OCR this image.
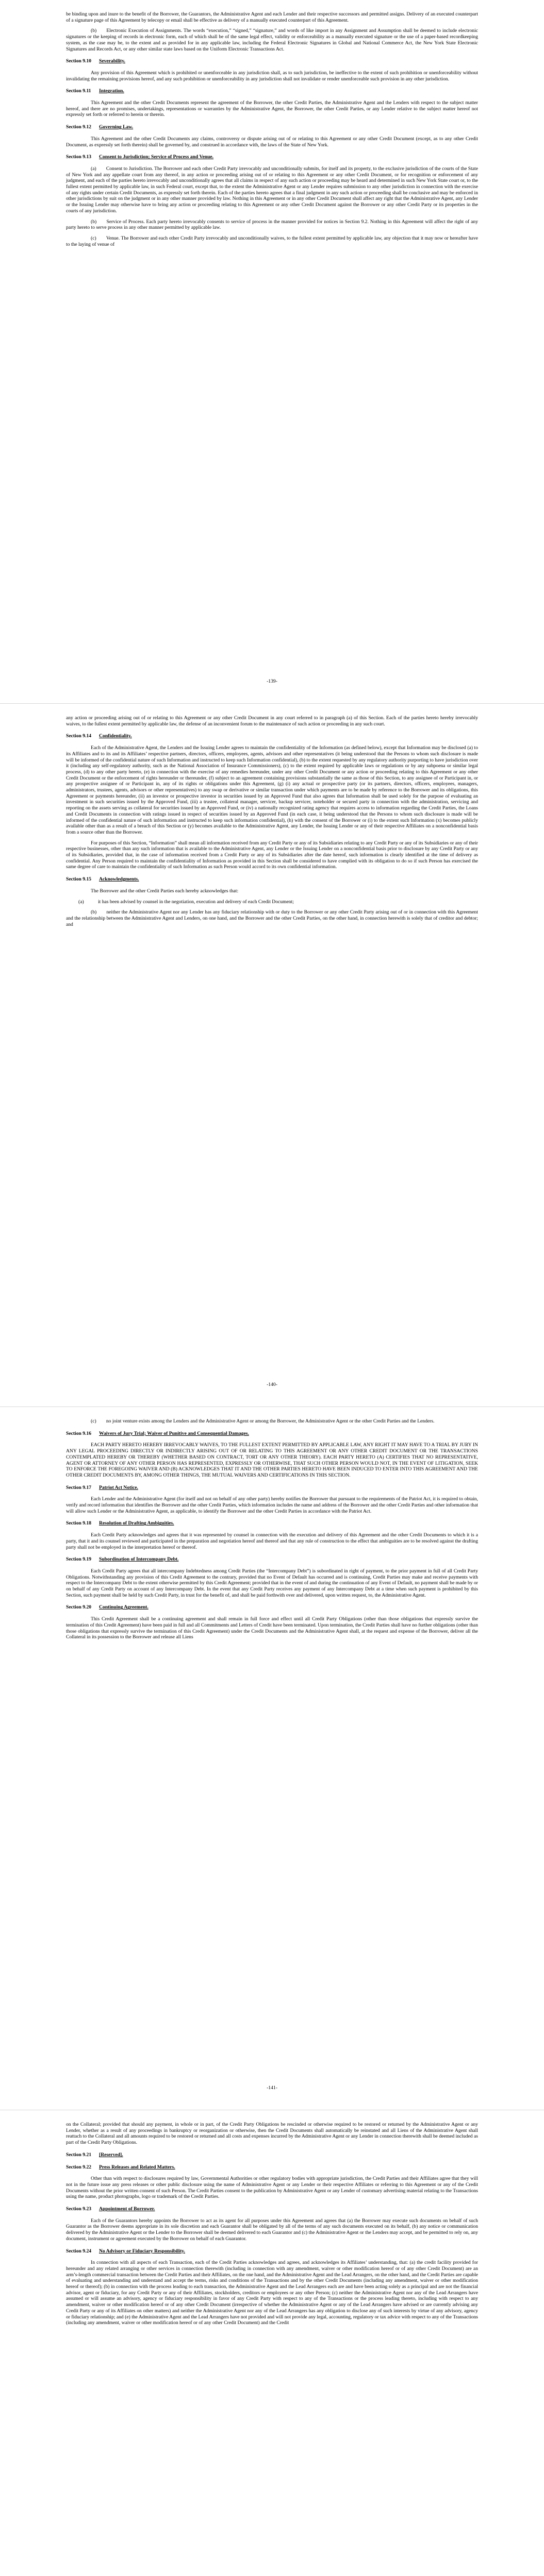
be binding upon and inure to the benefit of the Borrower, the Guarantors, the Administrative Agent and each Lender and their respective successors and permitted assigns. Delivery of an executed counterpart of a signature page of this Agreement by telecopy or email shall be effective as delivery of a manually executed counterpart of this Agreement.

(b)  Electronic Execution of Assignments. The words “execution,” “signed,” “signature,” and words of like import in any Assignment and Assumption shall be deemed to include electronic signatures or the keeping of records in electronic form, each of which shall be of the same legal effect, validity or enforceability as a manually executed signature or the use of a paper-based recordkeeping system, as the case may be, to the extent and as provided for in any applicable law, including the Federal Electronic Signatures in Global and National Commerce Act, the New York State Electronic Signatures and Records Act, or any other similar state laws based on the Uniform Electronic Transactions Act.

Section 9.10 Severability.

Any provision of this Agreement which is prohibited or unenforceable in any jurisdiction shall, as to such jurisdiction, be ineffective to the extent of such prohibition or unenforceability without invalidating the remaining provisions hereof, and any such prohibition or unenforceability in any jurisdiction shall not invalidate or render unenforceable such provision in any other jurisdiction.

Section 9.11 Integration.

This Agreement and the other Credit Documents represent the agreement of the Borrower, the other Credit Parties, the Administrative Agent and the Lenders with respect to the subject matter hereof, and there are no promises, undertakings, representations or warranties by the Administrative Agent, the Borrower, the other Credit Parties, or any Lender relative to the subject matter hereof not expressly set forth or referred to herein or therein.

Section 9.12 Governing Law.

This Agreement and the other Credit Documents any claims, controversy or dispute arising out of or relating to this Agreement or any other Credit Document (except, as to any other Credit Document, as expressly set forth therein) shall be governed by, and construed in accordance with, the laws of the State of New York.

Section 9.13 Consent to Jurisdiction; Service of Process and Venue.

(a)  Consent to Jurisdiction. The Borrower and each other Credit Party irrevocably and unconditionally submits, for itself and its property, to the exclusive jurisdiction of the courts of the State of New York and any appellate court from any thereof, in any action or proceeding arising out of or relating to this Agreement or any other Credit Document, or for recognition or enforcement of any judgment, and each of the parties hereto irrevocably and unconditionally agrees that all claims in respect of any such action or proceeding may be heard and determined in such New York State court or, to the fullest extent permitted by applicable law, in such Federal court, except that, to the extent the Administrative Agent or any Lender requires submission to any other jurisdiction in connection with the exercise of any rights under certain Credit Documents, as expressly set forth therein. Each of the parties hereto agrees that a final judgment in any such action or proceeding shall be conclusive and may be enforced in other jurisdictions by suit on the judgment or in any other manner provided by law. Nothing in this Agreement or in any other Credit Document shall affect any right that the Administrative Agent, any Lender or the Issuing Lender may otherwise have to bring any action or proceeding relating to this Agreement or any other Credit Document against the Borrower or any other Credit Party or its properties in the courts of any jurisdiction.

(b)  Service of Process. Each party hereto irrevocably consents to service of process in the manner provided for notices in Section 9.2. Nothing in this Agreement will affect the right of any party hereto to serve process in any other manner permitted by applicable law.

(c)  Venue. The Borrower and each other Credit Party irrevocably and unconditionally waives, to the fullest extent permitted by applicable law, any objection that it may now or hereafter have to the laying of venue of

-139-

any action or proceeding arising out of or relating to this Agreement or any other Credit Document in any court referred to in paragraph (a) of this Section. Each of the parties hereto hereby irrevocably waives, to the fullest extent permitted by applicable law, the defense of an inconvenient forum to the maintenance of such action or proceeding in any such court.

Section 9.14 Confidentiality.

Each of the Administrative Agent, the Lenders and the Issuing Lender agrees to maintain the confidentiality of the Information (as defined below), except that Information may be disclosed (a) to its Affiliates and to its and its Affiliates’ respective partners, directors, officers, employees, agents, advisors and other representatives (it being understood that the Persons to whom such disclosure is made will be informed of the confidential nature of such Information and instructed to keep such Information confidential), (b) to the extent requested by any regulatory authority purporting to have jurisdiction over it (including any self-regulatory authority, such as the National Association of Insurance Commissioners), (c) to the extent required by applicable laws or regulations or by any subpoena or similar legal process, (d) to any other party hereto, (e) in connection with the exercise of any remedies hereunder, under any other Credit Document or any action or proceeding relating to this Agreement or any other Credit Document or the enforcement of rights hereunder or thereunder, (f) subject to an agreement containing provisions substantially the same as those of this Section, to any assignee of or Participant in, or any prospective assignee of or Participant in, any of its rights or obligations under this Agreement, (g) (i) any actual or prospective party (or its partners, directors, officers, employees, managers, administrators, trustees, agents, advisors or other representatives) to any swap or derivative or similar transaction under which payments are to be made by reference to the Borrower and its obligations, this Agreement or payments hereunder, (ii) an investor or prospective investor in securities issued by an Approved Fund that also agrees that Information shall be used solely for the purpose of evaluating an investment in such securities issued by the Approved Fund, (iii) a trustee, collateral manager, servicer, backup servicer, noteholder or secured party in connection with the administration, servicing and reporting on the assets serving as collateral for securities issued by an Approved Fund, or (iv) a nationally recognized rating agency that requires access to information regarding the Credit Parties, the Loans and Credit Documents in connection with ratings issued in respect of securities issued by an Approved Fund (in each case, it being understood that the Persons to whom such disclosure is made will be informed of the confidential nature of such information and instructed to keep such information confidential), (h) with the consent of the Borrower or (i) to the extent such Information (x) becomes publicly available other than as a result of a breach of this Section or (y) becomes available to the Administrative Agent, any Lender, the Issuing Lender or any of their respective Affiliates on a nonconfidential basis from a source other than the Borrower.

For purposes of this Section, “Information” shall mean all information received from any Credit Party or any of its Subsidiaries relating to any Credit Party or any of its Subsidiaries or any of their respective businesses, other than any such information that is available to the Administrative Agent, any Lender or the Issuing Lender on a nonconfidential basis prior to disclosure by any Credit Party or any of its Subsidiaries, provided that, in the case of information received from a Credit Party or any of its Subsidiaries after the date hereof, such information is clearly identified at the time of delivery as confidential. Any Person required to maintain the confidentiality of Information as provided in this Section shall be considered to have complied with its obligation to do so if such Person has exercised the same degree of care to maintain the confidentiality of such Information as such Person would accord to its own confidential information.

Section 9.15 Acknowledgments.

The Borrower and the other Credit Parties each hereby acknowledges that:

(a)	it has been advised by counsel in the negotiation, execution and delivery of each Credit Document;

(b)  neither the Administrative Agent nor any Lender has any fiduciary relationship with or duty to the Borrower or any other Credit Party arising out of or in connection with this Agreement and the relationship between the Administrative Agent and Lenders, on one hand, and the Borrower and the other Credit Parties, on the other hand, in connection herewith is solely that of creditor and debtor; and

-140-

(c)  no joint venture exists among the Lenders and the Administrative Agent or among the Borrower, the Administrative Agent or the other Credit Parties and the Lenders.

Section 9.16 Waivers of Jury Trial; Waiver of Punitive and Consequential Damages.

EACH PARTY HERETO HEREBY IRREVOCABLY WAIVES, TO THE FULLEST EXTENT PERMITTED BY APPLICABLE LAW, ANY RIGHT IT MAY HAVE TO A TRIAL BY JURY IN ANY LEGAL PROCEEDING DIRECTLY OR INDIRECTLY ARISING OUT OF OR RELATING TO THIS AGREEMENT OR ANY OTHER CREDIT DOCUMENT OR THE TRANSACTIONS CONTEMPLATED HEREBY OR THEREBY (WHETHER BASED ON CONTRACT, TORT OR ANY OTHER THEORY). EACH PARTY HERETO (A) CERTIFIES THAT NO REPRESENTATIVE, AGENT OR ATTORNEY OF ANY OTHER PERSON HAS REPRESENTED, EXPRESSLY OR OTHERWISE, THAT SUCH OTHER PERSON WOULD NOT, IN THE EVENT OF LITIGATION, SEEK TO ENFORCE THE FOREGOING WAIVER AND (B) ACKNOWLEDGES THAT IT AND THE OTHER PARTIES HERETO HAVE BEEN INDUCED TO ENTER INTO THIS AGREEMENT AND THE OTHER CREDIT DOCUMENTS BY, AMONG OTHER THINGS, THE MUTUAL WAIVERS AND CERTIFICATIONS IN THIS SECTION.

Section 9.17 Patriot Act Notice.

Each Lender and the Administrative Agent (for itself and not on behalf of any other party) hereby notifies the Borrower that pursuant to the requirements of the Patriot Act, it is required to obtain, verify and record information that identifies the Borrower and the other Credit Parties, which information includes the name and address of the Borrower and the other Credit Parties and other information that will allow such Lender or the Administrative Agent, as applicable, to identify the Borrower and the other Credit Parties in accordance with the Patriot Act.

Section 9.18 Resolution of Drafting Ambiguities.

Each Credit Party acknowledges and agrees that it was represented by counsel in connection with the execution and delivery of this Agreement and the other Credit Documents to which it is a party, that it and its counsel reviewed and participated in the preparation and negotiation hereof and thereof and that any rule of construction to the effect that ambiguities are to be resolved against the drafting party shall not be employed in the interpretation hereof or thereof.

Section 9.19 Subordination of Intercompany Debt.

Each Credit Party agrees that all intercompany Indebtedness among Credit Parties (the “Intercompany Debt”) is subordinated in right of payment, to the prior payment in full of all Credit Party Obligations. Notwithstanding any provision of this Credit Agreement to the contrary, provided that no Event of Default has occurred and is continuing, Credit Parties may make and receive payments with respect to the Intercompany Debt to the extent otherwise permitted by this Credit Agreement; provided that in the event of and during the continuation of any Event of Default, no payment shall be made by or on behalf of any Credit Party on account of any Intercompany Debt. In the event that any Credit Party receives any payment of any Intercompany Debt at a time when such payment is prohibited by this Section, such payment shall be held by such Credit Party, in trust for the benefit of, and shall be paid forthwith over and delivered, upon written request, to, the Administrative Agent.

Section 9.20 Continuing Agreement.

This Credit Agreement shall be a continuing agreement and shall remain in full force and effect until all Credit Party Obligations (other than those obligations that expressly survive the termination of this Credit Agreement) have been paid in full and all Commitments and Letters of Credit have been terminated. Upon termination, the Credit Parties shall have no further obligations (other than those obligations that expressly survive the termination of this Credit Agreement) under the Credit Documents and the Administrative Agent shall, at the request and expense of the Borrower, deliver all the Collateral in its possession to the Borrower and release all Liens

-141-

on the Collateral; provided that should any payment, in whole or in part, of the Credit Party Obligations be rescinded or otherwise required to be restored or returned by the Administrative Agent or any Lender, whether as a result of any proceedings in bankruptcy or reorganization or otherwise, then the Credit Documents shall automatically be reinstated and all Liens of the Administrative Agent shall reattach to the Collateral and all amounts required to be restored or returned and all costs and expenses incurred by the Administrative Agent or any Lender in connection therewith shall be deemed included as part of the Credit Party Obligations.

Section 9.21 [Reserved].

Section 9.22 Press Releases and Related Matters.

Other than with respect to disclosures required by law, Governmental Authorities or other regulatory bodies with appropriate jurisdiction, the Credit Parties and their Affiliates agree that they will not in the future issue any press releases or other public disclosure using the name of Administrative Agent or any Lender or their respective Affiliates or referring to this Agreement or any of the Credit Documents without the prior written consent of such Person. The Credit Parties consent to the publication by Administrative Agent or any Lender of customary advertising material relating to the Transactions using the name, product photographs, logo or trademark of the Credit Parties.

Section 9.23 Appointment of Borrower.

Each of the Guarantors hereby appoints the Borrower to act as its agent for all purposes under this Agreement and agrees that (a) the Borrower may execute such documents on behalf of such Guarantor as the Borrower deems appropriate in its sole discretion and each Guarantor shall be obligated by all of the terms of any such documents executed on its behalf, (b) any notice or communication delivered by the Administrative Agent or the Lender to the Borrower shall be deemed delivered to each Guarantor and (c) the Administrative Agent or the Lenders may accept, and be permitted to rely on, any document, instrument or agreement executed by the Borrower on behalf of each Guarantor.

Section 9.24 No Advisory or Fiduciary Responsibility.

In connection with all aspects of each Transaction, each of the Credit Parties acknowledges and agrees, and acknowledges its Affiliates’ understanding, that: (a) the credit facility provided for hereunder and any related arranging or other services in connection therewith (including in connection with any amendment, waiver or other modification hereof or of any other Credit Document) are an arm’s-length commercial transaction between the Credit Parties and their Affiliates, on the one hand, and the Administrative Agent and the Lead Arrangers, on the other hand, and the Credit Parties are capable of evaluating and understanding and understand and accept the terms, risks and conditions of the Transactions and by the other Credit Documents (including any amendment, waiver or other modification hereof or thereof); (b) in connection with the process leading to each transaction, the Administrative Agent and the Lead Arrangers each are and have been acting solely as a principal and are not the financial advisor, agent or fiduciary, for any Credit Party or any of their Affiliates, stockholders, creditors or employees or any other Person; (c) neither the Administrative Agent nor any of the Lead Arrangers have assumed or will assume an advisory, agency or fiduciary responsibility in favor of any Credit Party with respect to any of the Transactions or the process leading thereto, including with respect to any amendment, waiver or other modification hereof or of any other Credit Document (irrespective of whether the Administrative Agent or any of the Lead Arrangers have advised or are currently advising any Credit Party or any of its Affiliates on other matters) and neither the Administrative Agent nor any of the Lead Arrangers has any obligation to disclose any of such interests by virtue of any advisory, agency or fiduciary relationship; and (e) the Administrative Agent and the Lead Arrangers have not provided and will not provide any legal, accounting, regulatory or tax advice with respect to any of the Transactions (including any amendment, waiver or other modification hereof or of any other Credit Document) and the Credit
